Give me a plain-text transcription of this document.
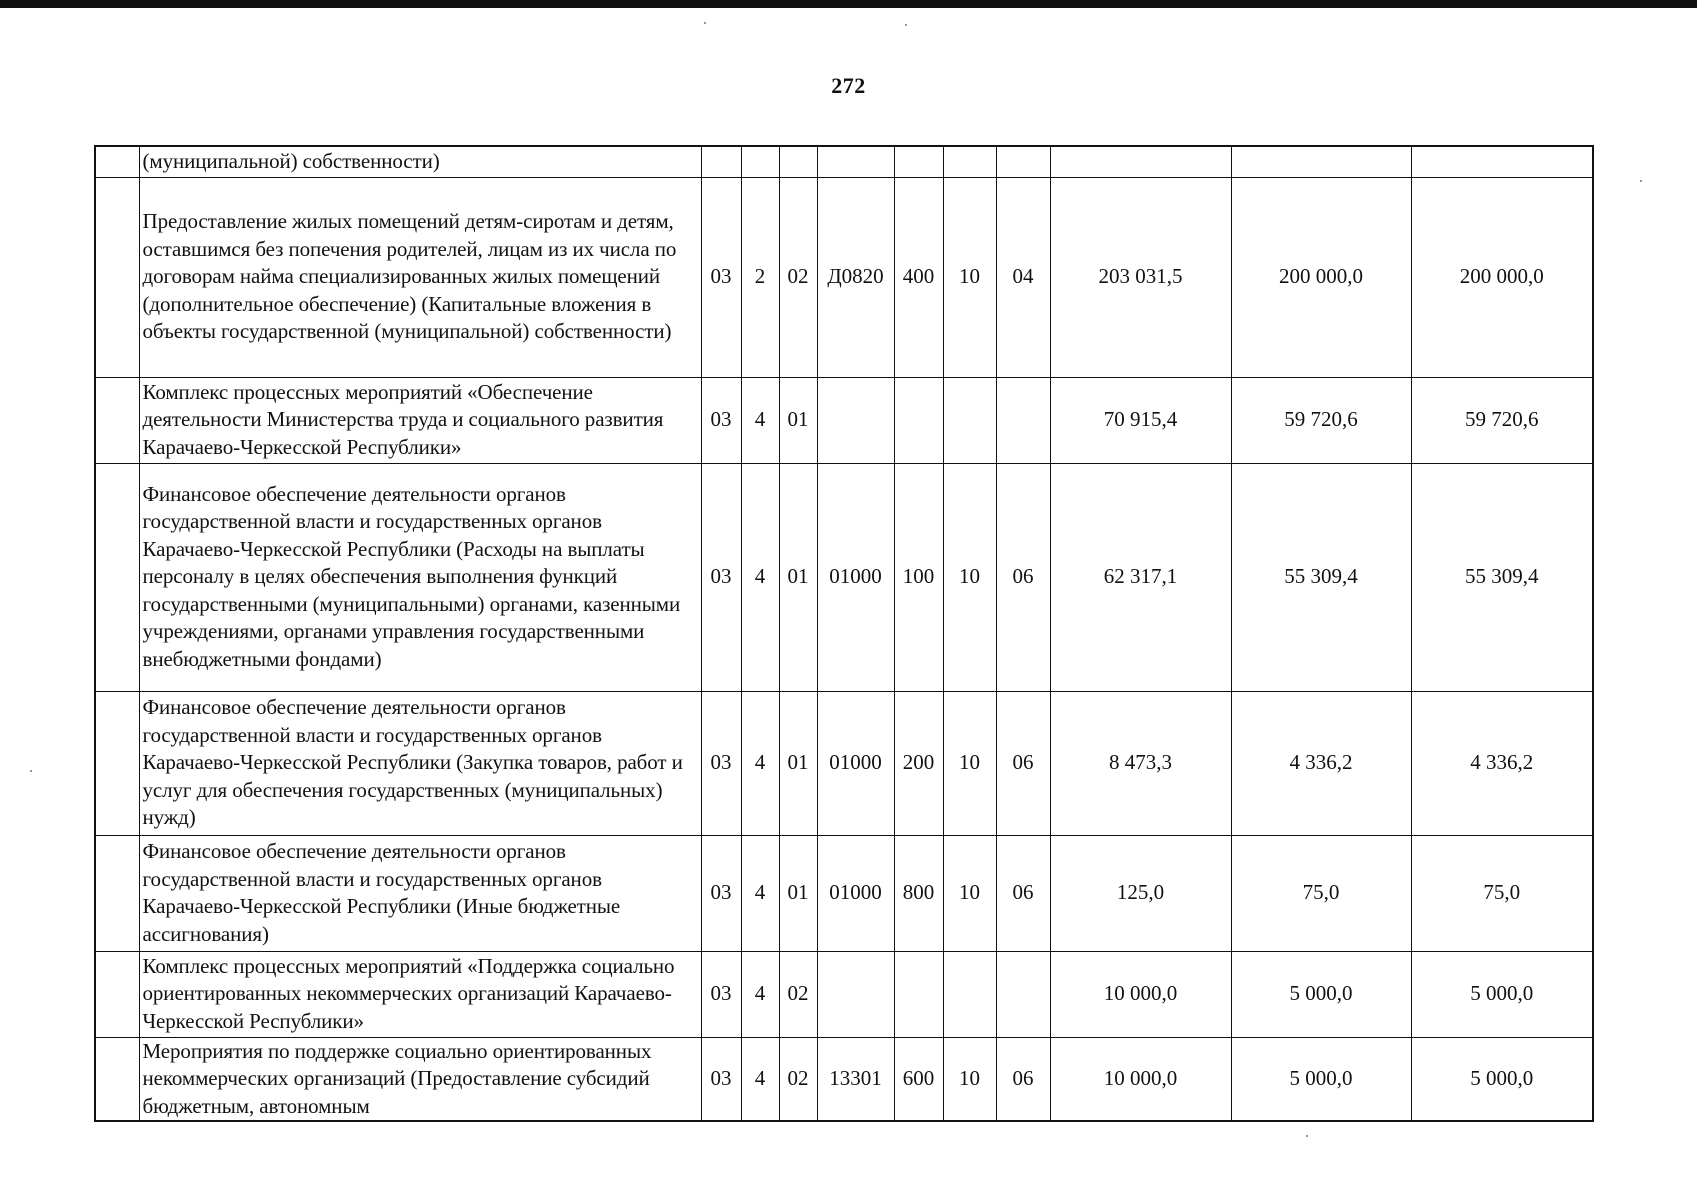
272
	(муниципальной) собственности)										
	Предоставление жилых помещений детям-сиротам и детям, оставшимся без попечения родителей, лицам из их числа по договорам найма специализированных жилых помещений (дополнительное обеспечение) (Капитальные вложения в объекты государственной (муниципальной) собственности)	03	2	02	Д0820	400	10	04	203 031,5	200 000,0	200 000,0
	Комплекс процессных мероприятий «Обеспечение деятельности Министерства труда и социального развития Карачаево-Черкесской Республики»	03	4	01					70 915,4	59 720,6	59 720,6
	Финансовое обеспечение деятельности органов государственной власти и государственных органов Карачаево-Черкесской Республики (Расходы на выплаты персоналу в целях обеспечения выполнения функций государственными (муниципальными) органами, казенными учреждениями, органами управления государственными внебюджетными фондами)	03	4	01	01000	100	10	06	62 317,1	55 309,4	55 309,4
	Финансовое обеспечение деятельности органов государственной власти и государственных органов Карачаево-Черкесской Республики (Закупка товаров, работ и услуг для обеспечения государственных (муниципальных) нужд)	03	4	01	01000	200	10	06	8 473,3	4 336,2	4 336,2
	Финансовое обеспечение деятельности органов государственной власти и государственных органов Карачаево-Черкесской Республики (Иные бюджетные ассигнования)	03	4	01	01000	800	10	06	125,0	75,0	75,0
	Комплекс процессных мероприятий «Поддержка социально ориентированных некоммерческих организаций Карачаево-Черкесской Республики»	03	4	02					10 000,0	5 000,0	5 000,0
	Мероприятия по поддержке социально ориентированных некоммерческих организаций (Предоставление субсидий бюджетным, автономным	03	4	02	13301	600	10	06	10 000,0	5 000,0	5 000,0
